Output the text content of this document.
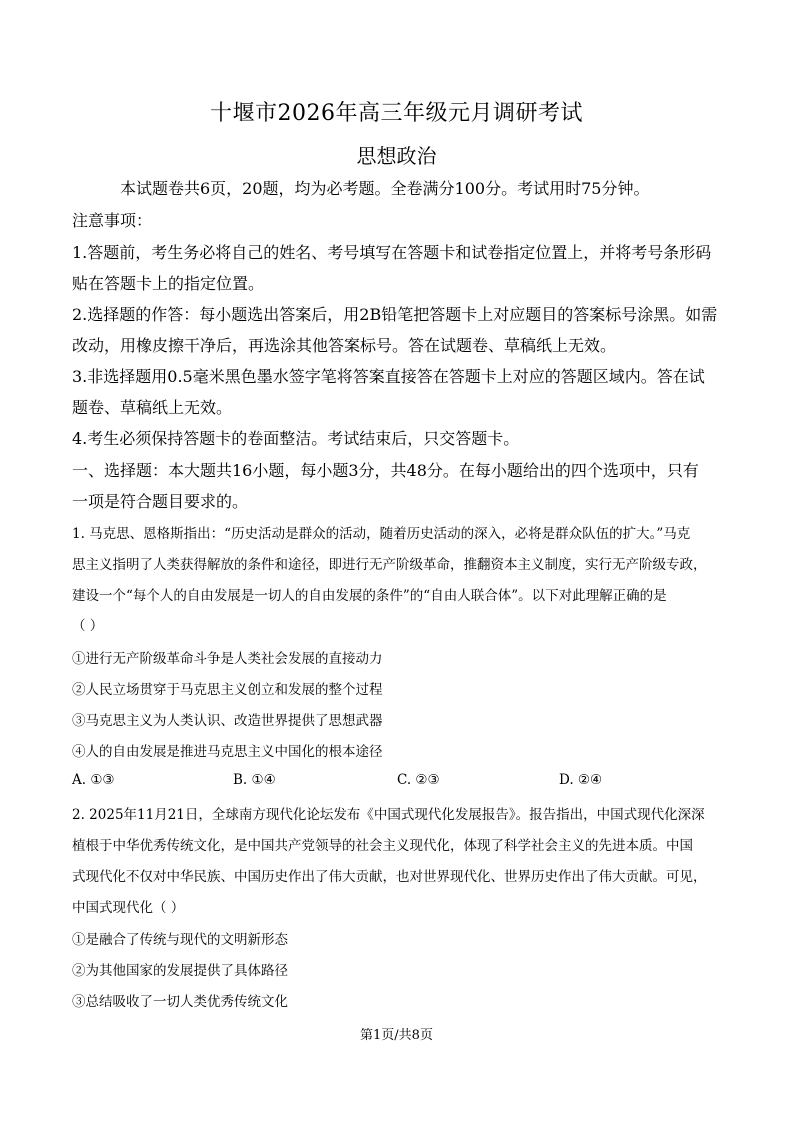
十堰市2026年高三年级元月调研考试
思想政治
本试题卷共6页，20题，均为必考题。全卷满分100分。考试用时75分钟。
注意事项：
1.答题前，考生务必将自己的姓名、考号填写在答题卡和试卷指定位置上，并将考号条形码
贴在答题卡上的指定位置。
2.选择题的作答：每小题选出答案后，用2B铅笔把答题卡上对应题目的答案标号涂黑。如需
改动，用橡皮擦干净后，再选涂其他答案标号。答在试题卷、草稿纸上无效。
3.非选择题用0.5毫米黑色墨水签字笔将答案直接答在答题卡上对应的答题区域内。答在试
题卷、草稿纸上无效。
4.考生必须保持答题卡的卷面整洁。考试结束后，只交答题卡。
一、选择题：本大题共16小题，每小题3分，共48分。在每小题给出的四个选项中，只有
一项是符合题目要求的。
1. 马克思、恩格斯指出：“历史活动是群众的活动，随着历史活动的深入，必将是群众队伍的扩大。”马克
思主义指明了人类获得解放的条件和途径，即进行无产阶级革命，推翻资本主义制度，实行无产阶级专政，
建设一个“每个人的自由发展是一切人的自由发展的条件”的“自由人联合体”。以下对此理解正确的是
（ ）
①进行无产阶级革命斗争是人类社会发展的直接动力
②人民立场贯穿于马克思主义创立和发展的整个过程
③马克思主义为人类认识、改造世界提供了思想武器
④人的自由发展是推进马克思主义中国化的根本途径
A. ①③	B. ①④	C. ②③	D. ②④
2. 2025年11月21日，全球南方现代化论坛发布《中国式现代化发展报告》。报告指出，中国式现代化深深
植根于中华优秀传统文化，是中国共产党领导的社会主义现代化，体现了科学社会主义的先进本质。中国
式现代化不仅对中华民族、中国历史作出了伟大贡献，也对世界现代化、世界历史作出了伟大贡献。可见，
中国式现代化（ ）
①是融合了传统与现代的文明新形态
②为其他国家的发展提供了具体路径
③总结吸收了一切人类优秀传统文化
第1页/共8页
